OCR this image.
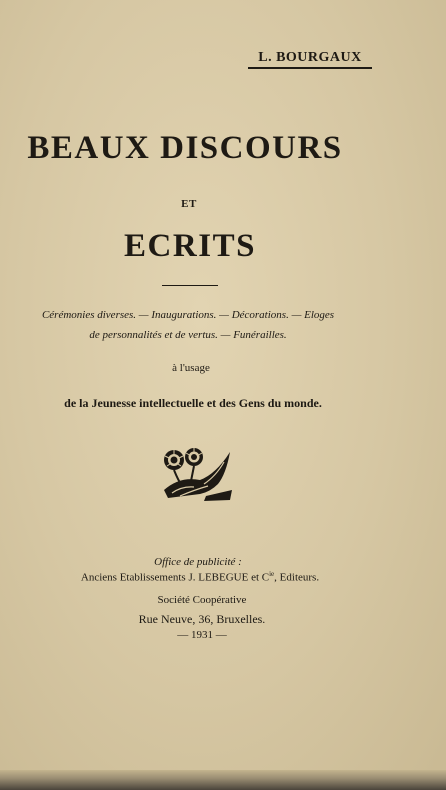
L. BOURGAUX
BEAUX DISCOURS
ET
ECRITS
Cérémonies diverses. — Inaugurations. — Décorations. — Eloges
de personnalités et de vertus. — Funérailles.
à l'usage
de la Jeunesse intellectuelle et des Gens du monde.
Office de publicité :
Anciens Etablissements J. LEBEGUE et $C^{ie}$, Editeurs.
Société Coopérative
Rue Neuve, 36, Bruxelles.
— 1931 —
